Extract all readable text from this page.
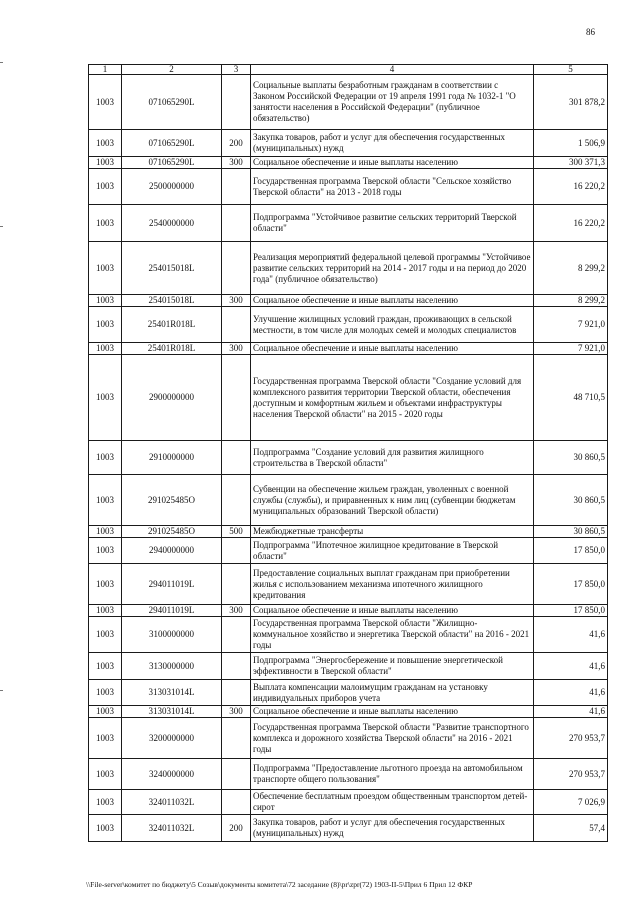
86
1	2	3	4	5
1003	071065290L		Социальные выплаты безработным гражданам в соответствии с Законом Российской Федерации от 19 апреля 1991 года № 1032-1 "О занятости населения в Российской Федерации" (публичное обязательство)	301 878,2
1003	071065290L	200	Закупка товаров, работ и услуг для обеспечения государственных (муниципальных) нужд	1 506,9
1003	071065290L	300	Социальное обеспечение и иные выплаты населению	300 371,3
1003	2500000000		Государственная программа Тверской области "Сельское хозяйство Тверской области" на 2013 - 2018 годы	16 220,2
1003	2540000000		Подпрограмма "Устойчивое развитие сельских территорий Тверской области"	16 220,2
1003	254015018L		Реализация мероприятий федеральной целевой программы "Устойчивое развитие сельских территорий на 2014 - 2017 годы и на период до 2020 года" (публичное обязательство)	8 299,2
1003	254015018L	300	Социальное обеспечение и иные выплаты населению	8 299,2
1003	25401R018L		Улучшение жилищных условий граждан, проживающих в сельской местности, в том числе для молодых семей и молодых специалистов	7 921,0
1003	25401R018L	300	Социальное обеспечение и иные выплаты населению	7 921,0
1003	2900000000		Государственная программа Тверской области "Создание условий для комплексного развития территории Тверской области, обеспечения доступным и комфортным жильем и объектами инфраструктуры населения Тверской области" на 2015 - 2020 годы	48 710,5
1003	2910000000		Подпрограмма "Создание условий для развития жилищного строительства в Тверской области"	30 860,5
1003	291025485O		Субвенции на обеспечение жильем граждан, уволенных с военной службы (службы), и приравненных к ним лиц (субвенции бюджетам муниципальных образований Тверской области)	30 860,5
1003	291025485O	500	Межбюджетные трансферты	30 860,5
1003	2940000000		Подпрограмма "Ипотечное жилищное кредитование в Тверской области"	17 850,0
1003	294011019L		Предоставление социальных выплат гражданам при приобретении жилья с использованием механизма ипотечного жилищного кредитования	17 850,0
1003	294011019L	300	Социальное обеспечение и иные выплаты населению	17 850,0
1003	3100000000		Государственная программа Тверской области "Жилищно-коммунальное хозяйство и энергетика Тверской области" на 2016 - 2021 годы	41,6
1003	3130000000		Подпрограмма "Энергосбережение и повышение энергетической эффективности в Тверской области"	41,6
1003	313031014L		Выплата компенсации малоимущим гражданам на установку индивидуальных приборов учета	41,6
1003	313031014L	300	Социальное обеспечение и иные выплаты населению	41,6
1003	3200000000		Государственная программа Тверской области "Развитие транспортного комплекса и дорожного хозяйства Тверской области" на 2016 - 2021 годы	270 953,7
1003	3240000000		Подпрограмма "Предоставление льготного проезда на автомобильном транспорте общего пользования"	270 953,7
1003	324011032L		Обеспечение бесплатным проездом общественным транспортом детей-сирот	7 026,9
1003	324011032L	200	Закупка товаров, работ и услуг для обеспечения государственных (муниципальных) нужд	57,4
\\File-server\комитет по бюджету\5 Созыв\документы комитета\72 заседание (8)\pr\zpr(72) 1903-II-5\Прил 6 Прил 12 ФКР
